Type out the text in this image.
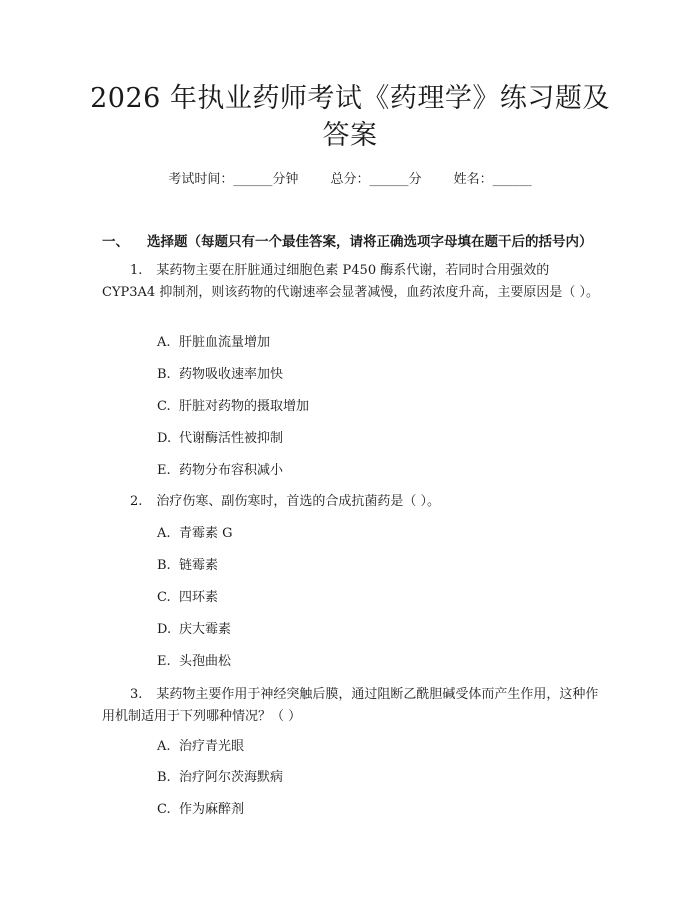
2026 年执业药师考试《药理学》练习题及答案
考试时间：______分钟 总分：______分 姓名：______
一、 选择题（每题只有一个最佳答案，请将正确选项字母填在题干后的括号内）

1. 某药物主要在肝脏通过细胞色素 P450 酶系代谢，若同时合用强效的 CYP3A4 抑制剂，则该药物的代谢速率会显著减慢，血药浓度升高，主要原因是（ ）。

A. 肝脏血流量增加
B. 药物吸收速率加快
C. 肝脏对药物的摄取增加
D. 代谢酶活性被抑制
E. 药物分布容积减小

2. 治疗伤寒、副伤寒时，首选的合成抗菌药是（ ）。

A. 青霉素 G
B. 链霉素
C. 四环素
D. 庆大霉素
E. 头孢曲松

3. 某药物主要作用于神经突触后膜，通过阻断乙酰胆碱受体而产生作用，这种作用机制适用于下列哪种情况？（ ）

A. 治疗青光眼
B. 治疗阿尔茨海默病
C. 作为麻醉剂
